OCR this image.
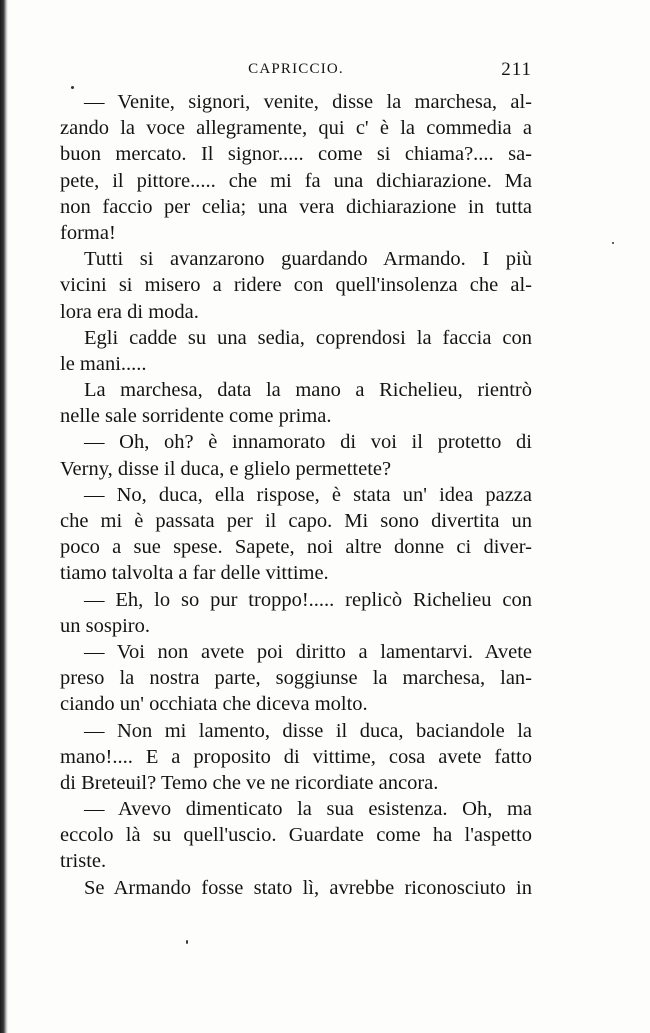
CAPRICCIO.	211
— Venite, signori, venite, disse la marchesa, al-
zando la voce allegramente, qui c' è la commedia a
buon mercato. Il signor..... come si chiama?.... sa-
pete, il pittore..... che mi fa una dichiarazione. Ma
non faccio per celia; una vera dichiarazione in tutta
forma!
Tutti si avanzarono guardando Armando. I più
vicini si misero a ridere con quell'insolenza che al-
lora era di moda.
Egli cadde su una sedia, coprendosi la faccia con
le mani.....
La marchesa, data la mano a Richelieu, rientrò
nelle sale sorridente come prima.
— Oh, oh? è innamorato di voi il protetto di
Verny, disse il duca, e glielo permettete?
— No, duca, ella rispose, è stata un' idea pazza
che mi è passata per il capo. Mi sono divertita un
poco a sue spese. Sapete, noi altre donne ci diver-
tiamo talvolta a far delle vittime.
— Eh, lo so pur troppo!..... replicò Richelieu con
un sospiro.
— Voi non avete poi diritto a lamentarvi. Avete
preso la nostra parte, soggiunse la marchesa, lan-
ciando un' occhiata che diceva molto.
— Non mi lamento, disse il duca, baciandole la
mano!.... E a proposito di vittime, cosa avete fatto
di Breteuil? Temo che ve ne ricordiate ancora.
— Avevo dimenticato la sua esistenza. Oh, ma
eccolo là su quell'uscio. Guardate come ha l'aspetto
triste.
Se Armando fosse stato lì, avrebbe riconosciuto in
